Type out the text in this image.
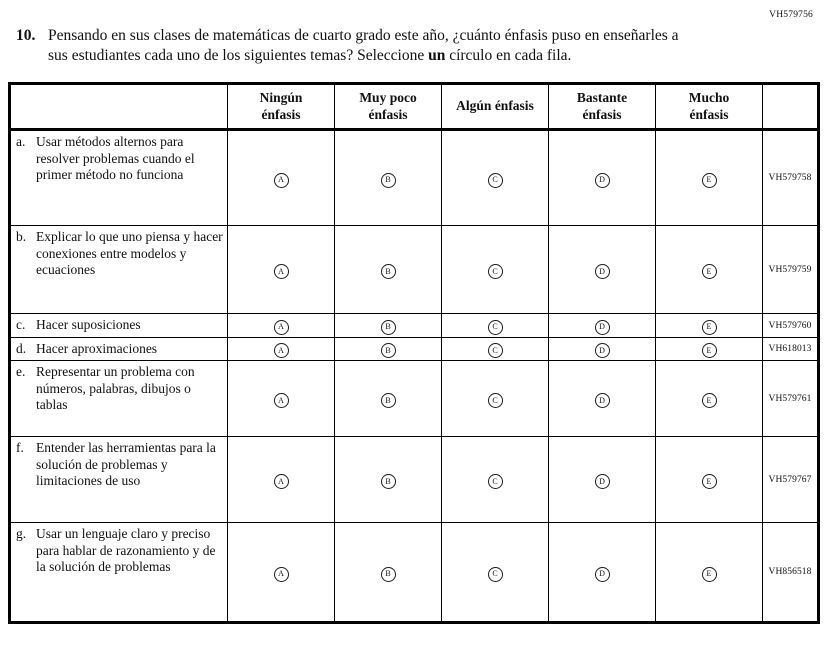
VH579756
10. Pensando en sus clases de matemáticas de cuarto grado este año, ¿cuánto énfasis puso en enseñarles a sus estudiantes cada uno de los siguientes temas? Seleccione un círculo en cada fila.
	Ningún énfasis	Muy poco énfasis	Algún énfasis	Bastante énfasis	Mucho énfasis	

a. Usar métodos alternos para resolver problemas cuando el primer método no funciona	A	B	C	D	E	VH579758

b. Explicar lo que uno piensa y hacer conexiones entre modelos y ecuaciones	A	B	C	D	E	VH579759

c. Hacer suposiciones	A	B	C	D	E	VH579760

d. Hacer aproximaciones	A	B	C	D	E	VH618013

e. Representar un problema con números, palabras, dibujos o tablas	A	B	C	D	E	VH579761

f. Entender las herramientas para la solución de problemas y limitaciones de uso	A	B	C	D	E	VH579767

g. Usar un lenguaje claro y preciso para hablar de razonamiento y de la solución de problemas	A	B	C	D	E	VH856518
